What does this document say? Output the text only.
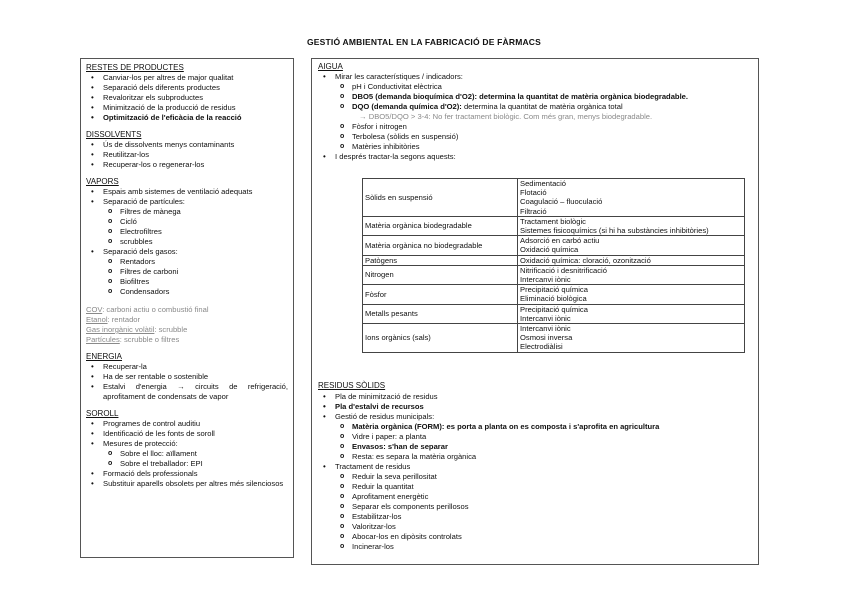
GESTIÓ AMBIENTAL EN LA FABRICACIÓ DE FÀRMACS

RESTES DE PRODUCTES

• Canviar-los per altres de major qualitat
• Separació dels diferents productes
• Revaloritzar els subproductes
• Minimització de la producció de residus
• Optimització de l'eficàcia de la reacció

DISSOLVENTS

• Ús de dissolvents menys contaminants
• Reutilitzar-los
• Recuperar-los o regenerar-los

VAPORS

• Espais amb sistemes de ventilació adequats
• Separació de partícules:
o Filtres de mànega
o Cicló
o Electrofiltres
o scrubbles
• Separació dels gasos:
o Rentadors
o Filtres de carboni
o Biofiltres
o Condensadors
COV: carboni actiu o combustió final
Etanol: rentador
Gas inorgànic volàtil: scrubble
Partícules: scrubble o filtres

ENERGIA

• Recuperar-la
• Ha de ser rentable o sostenible
• Estalvi d'energia → circuits de refrigeració, aprofitament de condensats de vapor

SOROLL

• Programes de control auditiu
• Identificació de les fonts de soroll
• Mesures de protecció:
o Sobre el lloc: aïllament
o Sobre el treballador: EPI
• Formació dels professionals
• Substituir aparells obsolets per altres més silenciosos

AIGUA

• Mirar les característiques / indicadors:
o pH i Conductivitat elèctrica
o DBO5 (demanda bioquímica d'O2): determina la quantitat de matèria orgànica biodegradable.
o DQO (demanda química d'O2): determina la quantitat de matèria orgànica total
→ DBO5/DQO > 3-4: No fer tractament biològic. Com més gran, menys biodegradable.
o Fòsfor i nitrogen
o Terbolesa (sòlids en suspensió)
o Matèries inhibitòries
• I després tractar-la segons aquests:
Sòlids en suspensió	Sedimentació
Flotació
Coagulació – fluoculació
Filtració

Matèria orgànica biodegradable	Tractament biològic
Sistemes fisicoquímics (si hi ha substàncies inhibitòries)

Matèria orgànica no biodegradable	Adsorció en carbó actiu
Oxidació química

Patògens	Oxidació química: cloració, ozonització

Nitrogen	Nitrificació i desnitrificació
Intercanvi iònic

Fòsfor	Precipitació química
Eliminació biològica

Metalls pesants	Precipitació química
Intercanvi iònic

Ions orgànics (sals)	Intercanvi iònic
Osmosi inversa
Electrodiàlisi

RESIDUS SÒLIDS

• Pla de minimització de residus
• Pla d'estalvi de recursos
• Gestió de residus municipals:
o Matèria orgànica (FORM): es porta a planta on es composta i s'aprofita en agricultura
o Vidre i paper: a planta
o Envasos: s'han de separar
o Resta: es separa la matèria orgànica
• Tractament de residus
o Reduir la seva perillositat
o Reduir la quantitat
o Aprofitament energètic
o Separar els components perillosos
o Estabilitzar-los
o Valoritzar-los
o Abocar-los en dipòsits controlats
o Incinerar-los
